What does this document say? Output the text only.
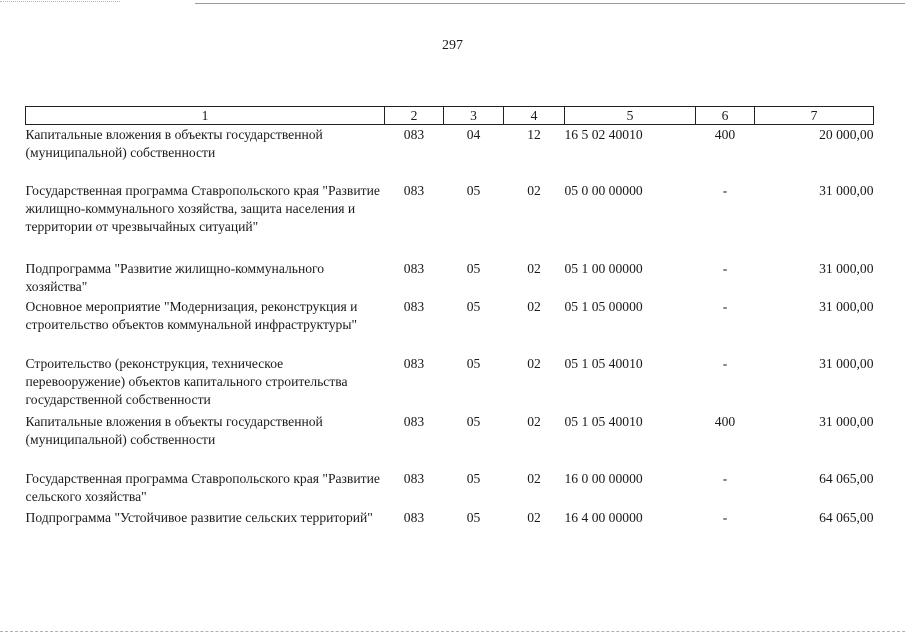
297
1	2	3	4	5	6	7
Капитальные вложения в объекты государственной (муниципальной) собственности	083	04	12	16 5 02 40010	400	20 000,00
Государственная программа Ставропольского края "Развитие жилищно-коммунального хозяйства, защита населения и территории от чрезвычайных ситуаций"	083	05	02	05 0 00 00000	-	31 000,00
Подпрограмма "Развитие жилищно-коммунального хозяйства"	083	05	02	05 1 00 00000	-	31 000,00
Основное мероприятие "Модернизация, реконструкция и строительство объектов коммунальной инфраструктуры"	083	05	02	05 1 05 00000	-	31 000,00
Строительство (реконструкция, техническое перевооружение) объектов капитального строительства государственной собственности	083	05	02	05 1 05 40010	-	31 000,00
Капитальные вложения в объекты государственной (муниципальной) собственности	083	05	02	05 1 05 40010	400	31 000,00
Государственная программа Ставропольского края "Развитие сельского хозяйства"	083	05	02	16 0 00 00000	-	64 065,00
Подпрограмма "Устойчивое развитие сельских территорий"	083	05	02	16 4 00 00000	-	64 065,00
